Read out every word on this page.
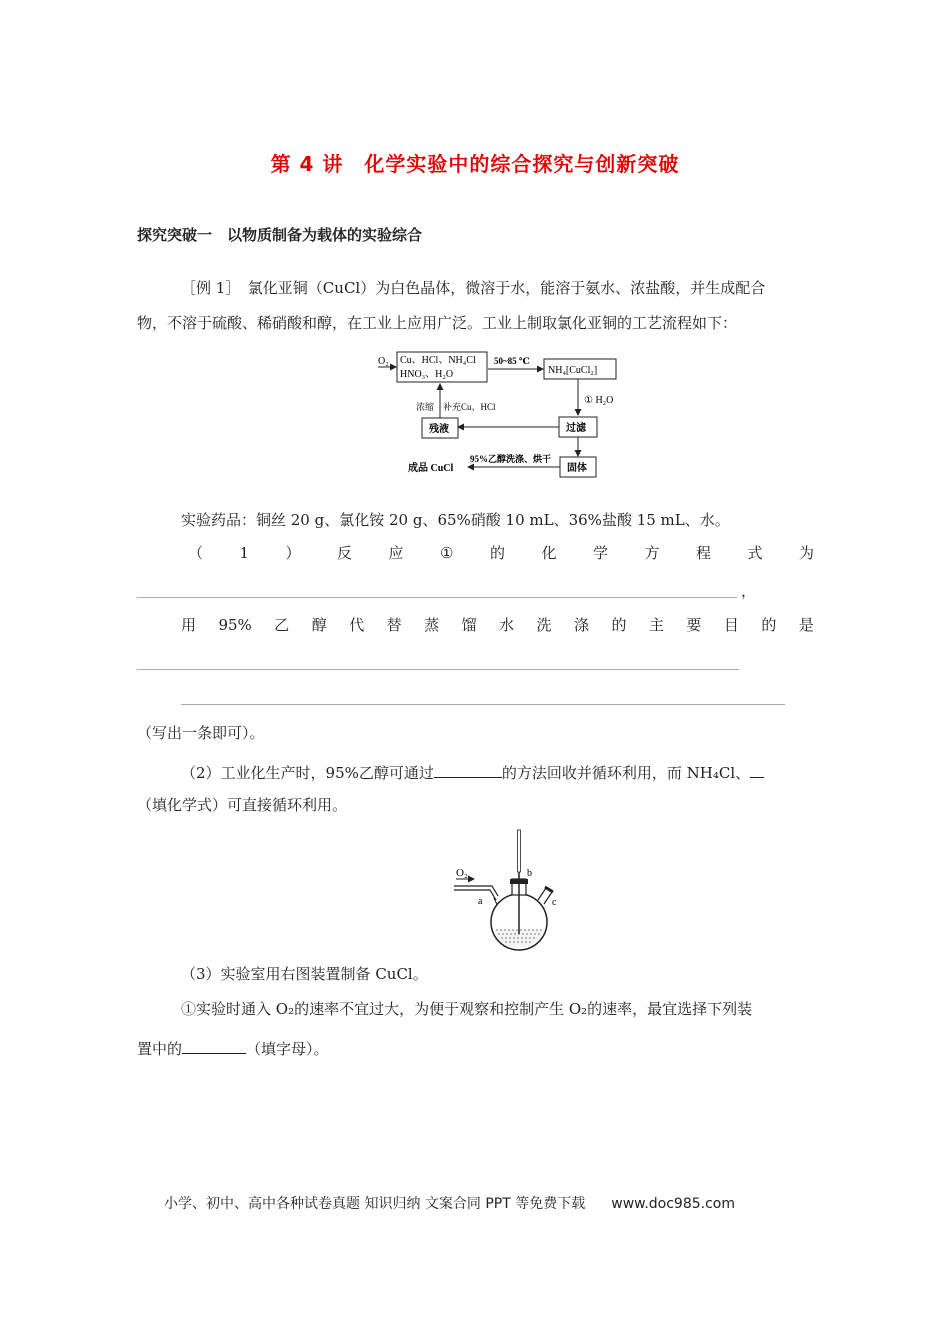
第 4 讲　化学实验中的综合探究与创新突破
探究突破一　以物质制备为载体的实验综合
［例 1］　氯化亚铜（CuCl）为白色晶体，微溶于水，能溶于氨水、浓盐酸，并生成配合
物，不溶于硫酸、稀硝酸和醇，在工业上应用广泛。工业上制取氯化亚铜的工艺流程如下：
O₂ Cu、HCl、NH₄Cl
HNO₃、H₂O
50~85 ℃
NH₄[CuCl₂]
① H₂O
过滤
残液
浓缩 补充Cu、HCl
固体
95%乙醇洗涤、烘干
成品 CuCl
实验药品：铜丝 20 g、氯化铵 20 g、65%硝酸 10 mL、36%盐酸 15 mL、水。
（ 1 ） 反 应 ① 的 化 学 方 程 式 为
，
用 95% 乙 醇 代 替 蒸 馏 水 洗 涤 的 主 要 目 的 是
（写出一条即可）。
（2）工业化生产时，95%乙醇可通过	的方法回收并循环利用，而 NH₄Cl、
（填化学式）可直接循环利用。
O₂
a
b
c
（3）实验室用右图装置制备 CuCl。
①实验时通入 O₂的速率不宜过大，为便于观察和控制产生 O₂的速率，最宜选择下列装
置中的	（填字母）。
小学、初中、高中各种试卷真题 知识归纳 文案合同 PPT 等免费下载 www.doc985.com
